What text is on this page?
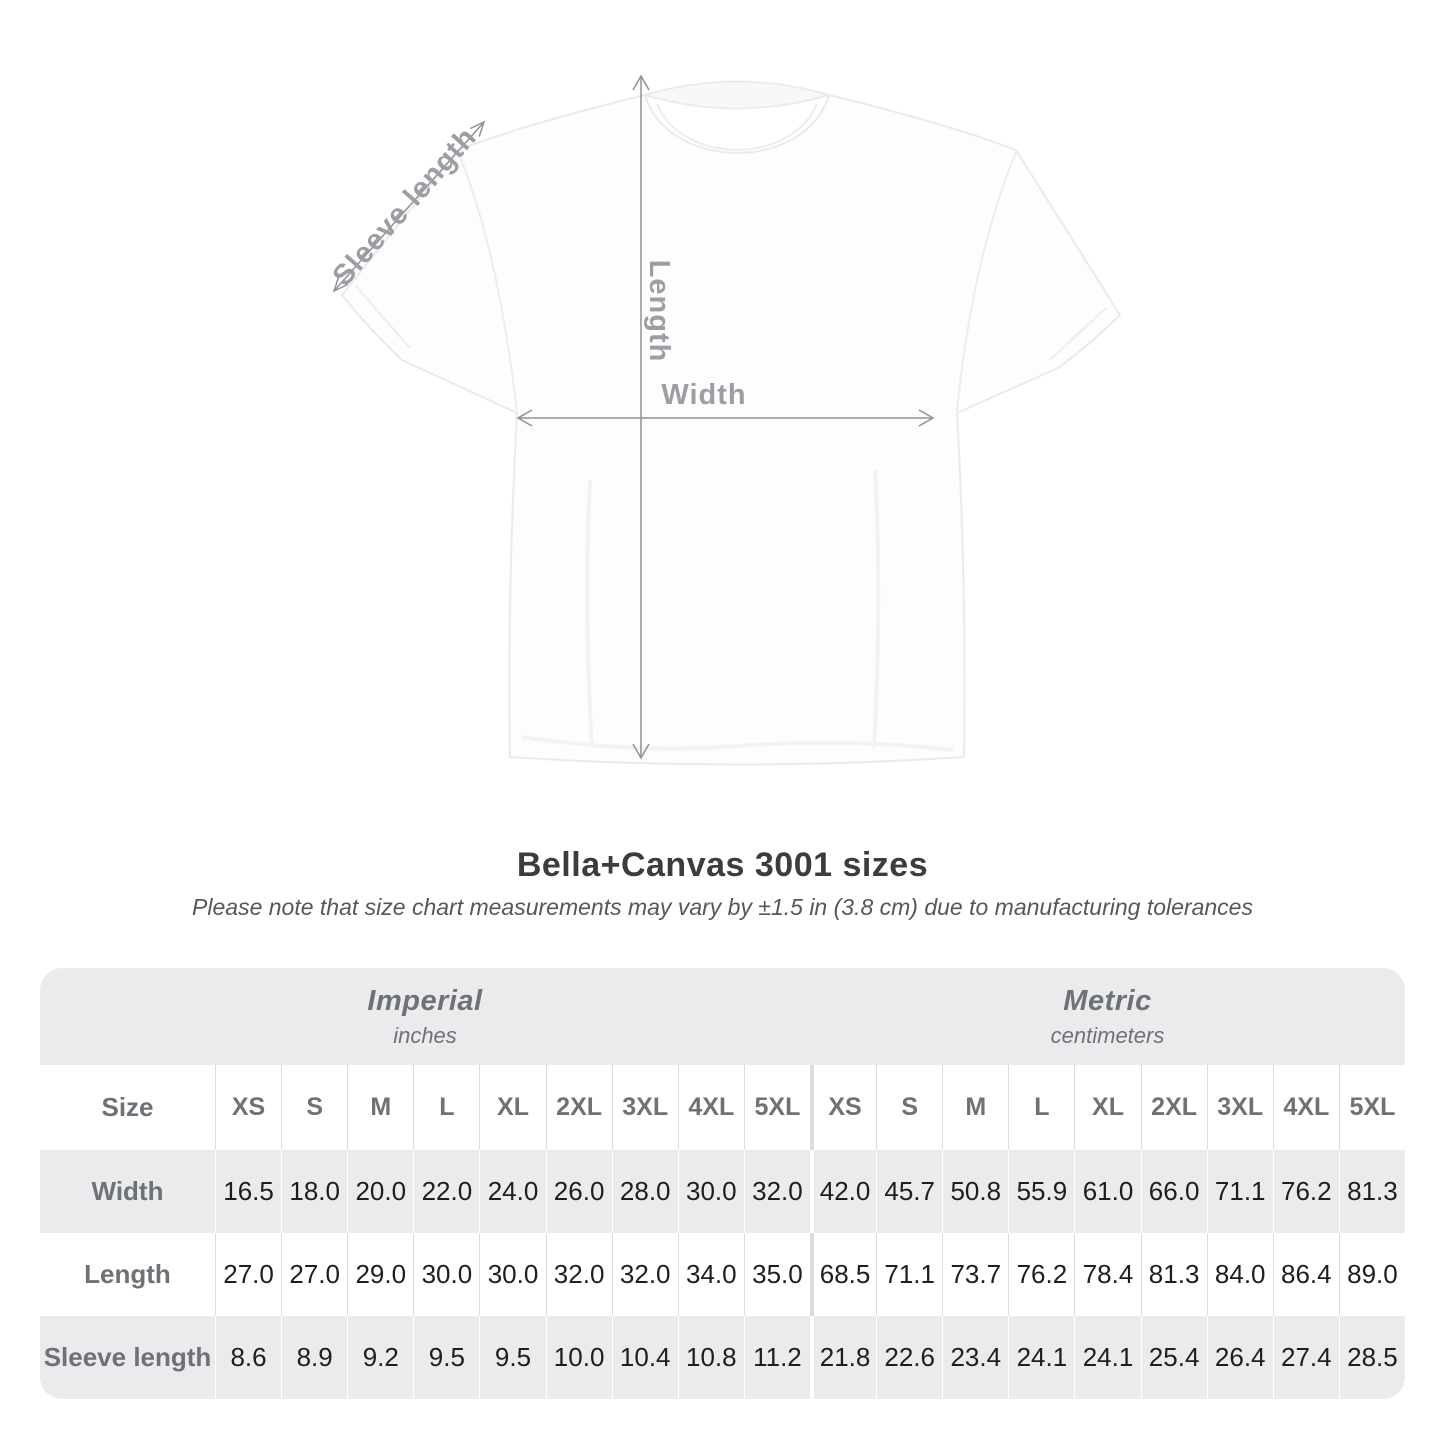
Sleeve length
Length
Width
Bella+Canvas 3001 sizes

Please note that size chart measurements may vary by ±1.5 in (3.8 cm) due to manufacturing tolerances

Imperial
inches
Metric
centimeters
Size	XS	S	M	L	XL	2XL 3XL 4XL 5XL	XS	S	M	L	XL	2XL 3XL 4XL 5XL
Width	16.5 18.0 20.0 22.0 24.0 26.0 28.0 30.0 32.0 42.0 45.7 50.8 55.9 61.0 66.0 71.1 76.2 81.3
Length	27.0 27.0 29.0 30.0 30.0 32.0 32.0 34.0 35.0 68.5 71.1 73.7 76.2 78.4 81.3 84.0 86.4 89.0
Sleeve length 8.6	8.9	9.2	9.5	9.5 10.0 10.4 10.8 11.2 21.8 22.6 23.4 24.1 24.1 25.4 26.4 27.4 28.5
